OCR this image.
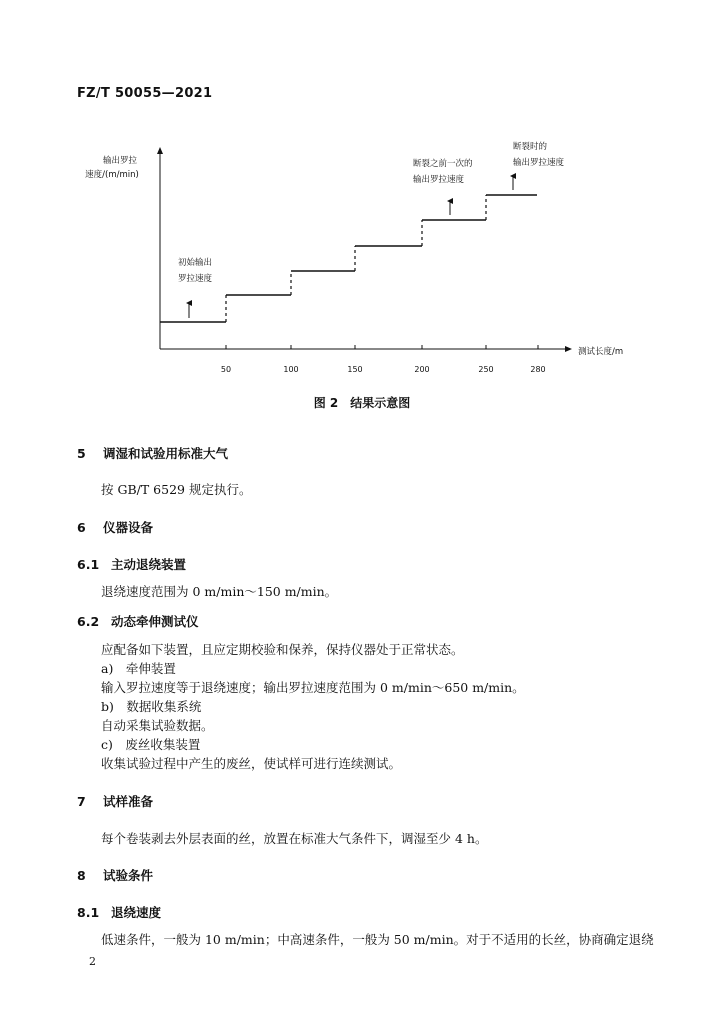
FZ/T 50055—2021
50	100	150	200	250	280
输出罗拉
速度/(m/min)
测试长度/m
初始输出
罗拉速度
断裂之前一次的
输出罗拉速度
断裂时的
输出罗拉速度
图 2　结果示意图
5 调湿和试验用标准大气
按 GB/T 6529 规定执行。
6 仪器设备
6.1 主动退绕装置
退绕速度范围为 0 m/min～150 m/min。
6.2 动态牵伸测试仪
应配备如下装置，且应定期校验和保养，保持仪器处于正常状态。
a)　牵伸装置
输入罗拉速度等于退绕速度；输出罗拉速度范围为 0 m/min～650 m/min。
b)　数据收集系统
自动采集试验数据。
c)　废丝收集装置
收集试验过程中产生的废丝，使试样可进行连续测试。
7 试样准备
每个卷装剥去外层表面的丝，放置在标准大气条件下，调湿至少 4 h。
8 试验条件
8.1 退绕速度
低速条件，一般为 10 m/min；中高速条件，一般为 50 m/min。对于不适用的长丝，协商确定退绕
2
